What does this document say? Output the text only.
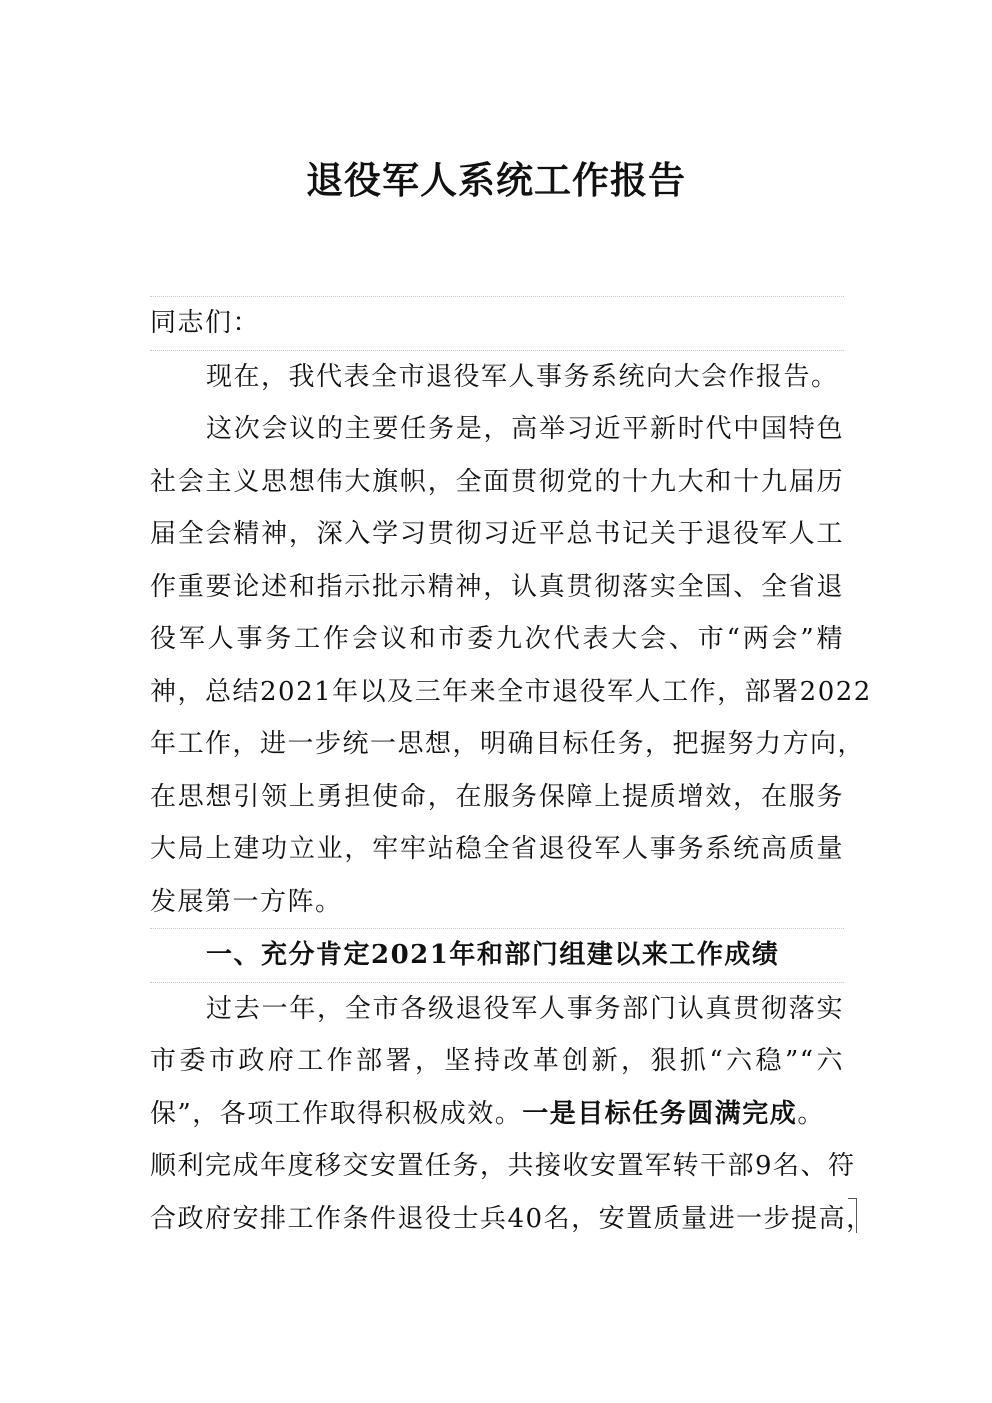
退役军人系统工作报告
同志们：
现在，我代表全市退役军人事务系统向大会作报告。
这次会议的主要任务是，高举习近平新时代中国特色
社会主义思想伟大旗帜，全面贯彻党的十九大和十九届历
届全会精神，深入学习贯彻习近平总书记关于退役军人工
作重要论述和指示批示精神，认真贯彻落实全国、全省退
役军人事务工作会议和市委九次代表大会、市“两会”精
神，总结2021年以及三年来全市退役军人工作，部署2022
年工作，进一步统一思想，明确目标任务，把握努力方向，
在思想引领上勇担使命，在服务保障上提质增效，在服务
大局上建功立业，牢牢站稳全省退役军人事务系统高质量
发展第一方阵。
一、充分肯定2021年和部门组建以来工作成绩
过去一年，全市各级退役军人事务部门认真贯彻落实
市委市政府工作部署，坚持改革创新，狠抓“六稳”“六
保”，各项工作取得积极成效。一是目标任务圆满完成。
顺利完成年度移交安置任务，共接收安置军转干部9名、符
合政府安排工作条件退役士兵40名，安置质量进一步提高，
